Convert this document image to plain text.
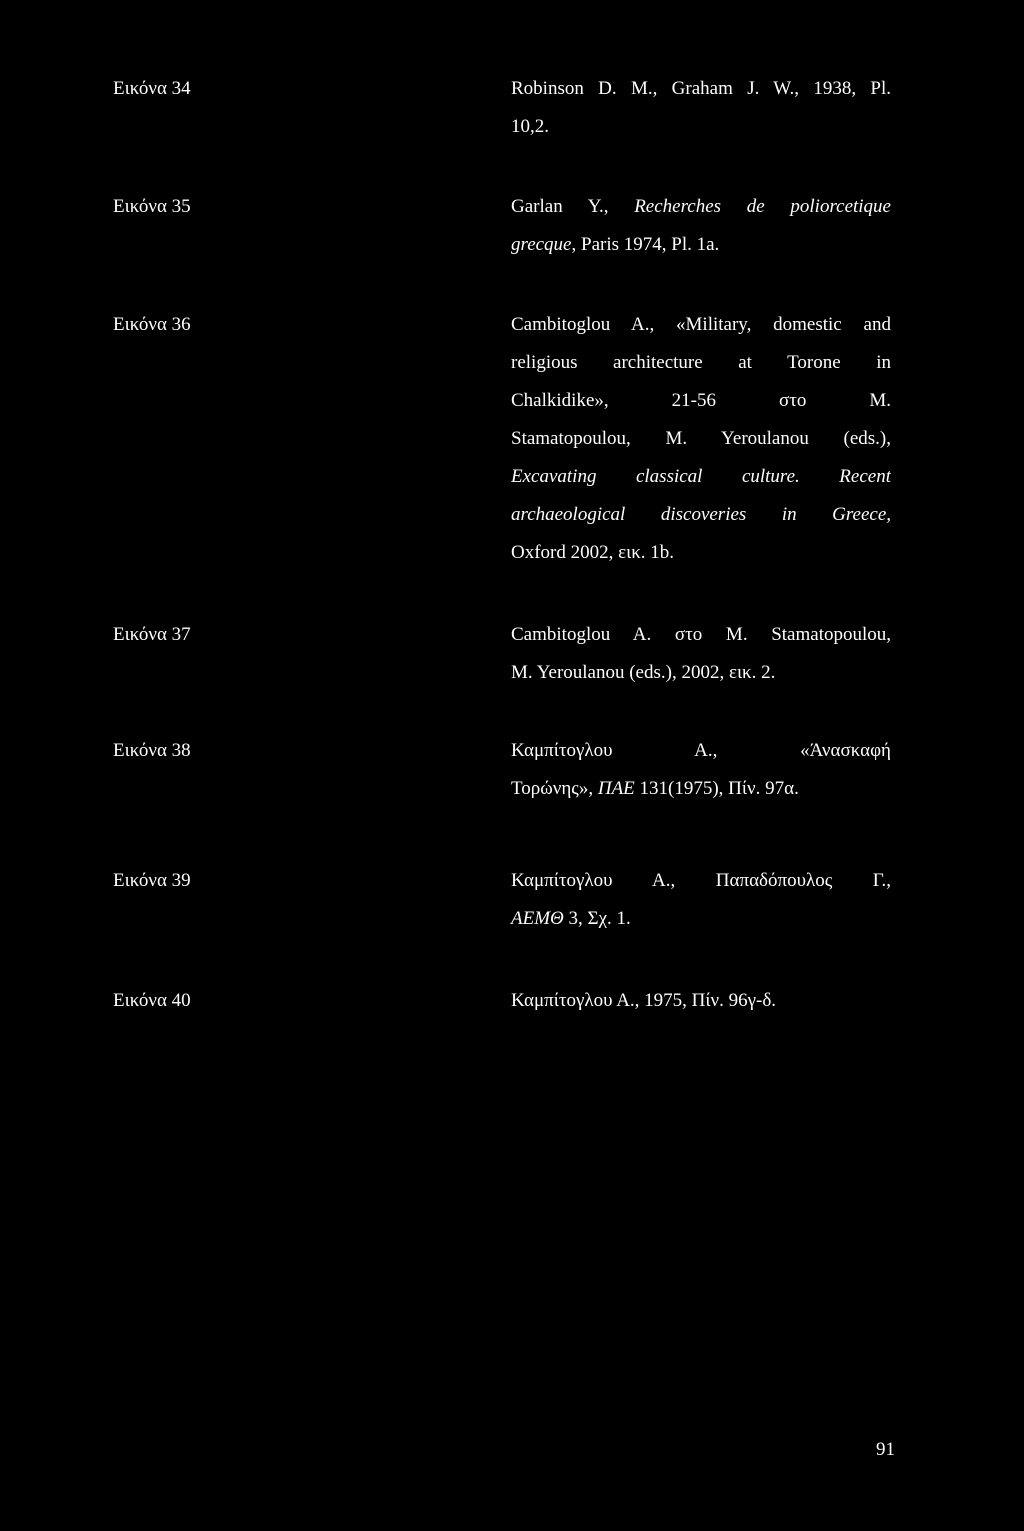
Εικόνα 34	Robinson D. M., Graham J. W., 1938, Pl.
10,2.
Εικόνα 35	Garlan Y., Recherches de poliorcetique
grecque, Paris 1974, Pl. 1a.
Εικόνα 36	Cambitoglou A., «Military, domestic and
religious architecture at Torone in
Chalkidike», 21-56 στο Μ.
Stamatopoulou, M. Yeroulanou (eds.),
Excavating classical culture. Recent
archaeological discoveries in Greece,
Oxford 2002, εικ. 1b.
Εικόνα 37	Cambitoglou A. στο Μ. Stamatopoulou,
M. Yeroulanou (eds.), 2002, εικ. 2.
Εικόνα 38	Καμπίτογλου Α., «Άνασκαφή
Τορώνης», ΠΑΕ 131(1975), Πίν. 97α.
Εικόνα 39	Καμπίτογλου Α., Παπαδόπουλος Γ.,
ΑΕΜΘ 3, Σχ. 1.
Εικόνα 40	Καμπίτογλου Α., 1975, Πίν. 96γ-δ.
91
